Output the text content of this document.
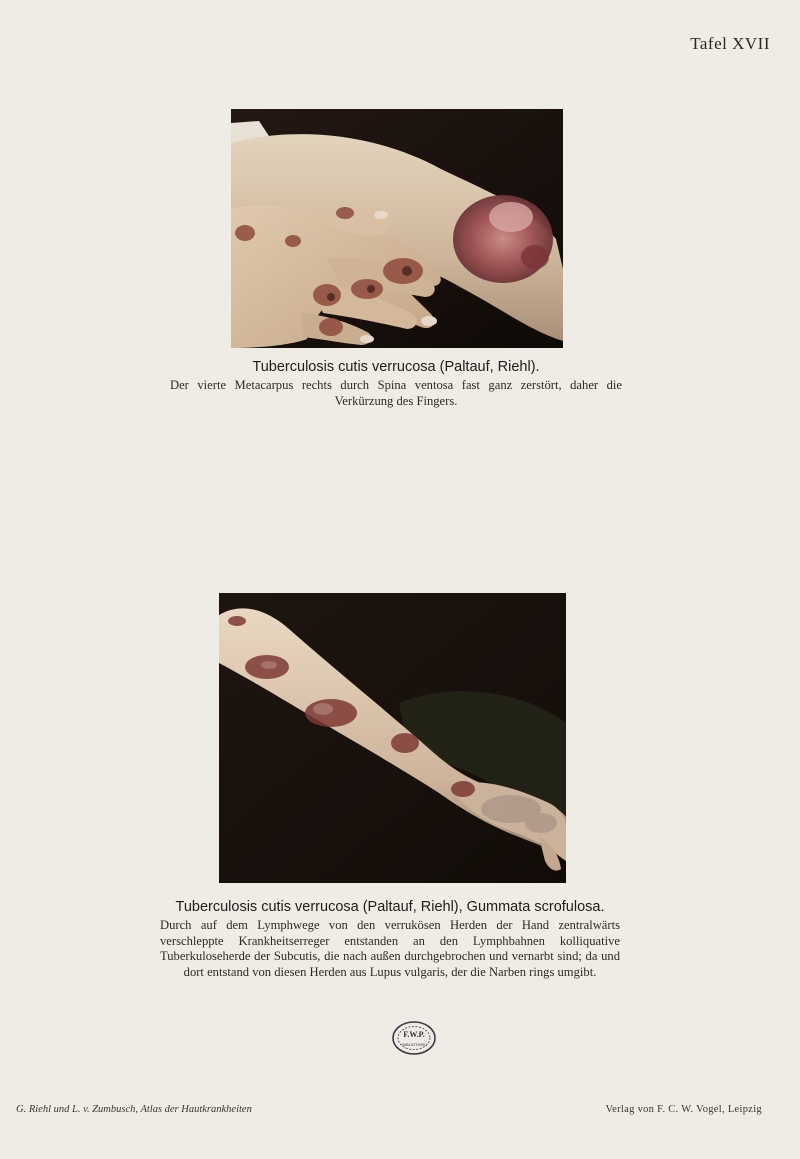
Tafel XVII
Tuberculosis cutis verrucosa (Paltauf, Riehl).
Der vierte Metacarpus rechts durch Spina ventosa fast ganz zerstört, daher die Verkürzung des Fingers.
Tuberculosis cutis verrucosa (Paltauf, Riehl), Gummata scrofulosa.
Durch auf dem Lymphwege von den verrukösen Herden der Hand zentralwärts verschleppte Krankheitserreger entstanden an den Lymphbahnen kolliquative Tuberkuloseherde der Subcutis, die nach außen durchgebrochen und vernarbt sind; da und dort entstand von diesen Herden aus Lupus vulgaris, der die Narben rings umgibt.
F.W.P.
BIBLIOTHEK
G. Riehl und L. v. Zumbusch, Atlas der Hautkrankheiten	Verlag von F. C. W. Vogel, Leipzig
